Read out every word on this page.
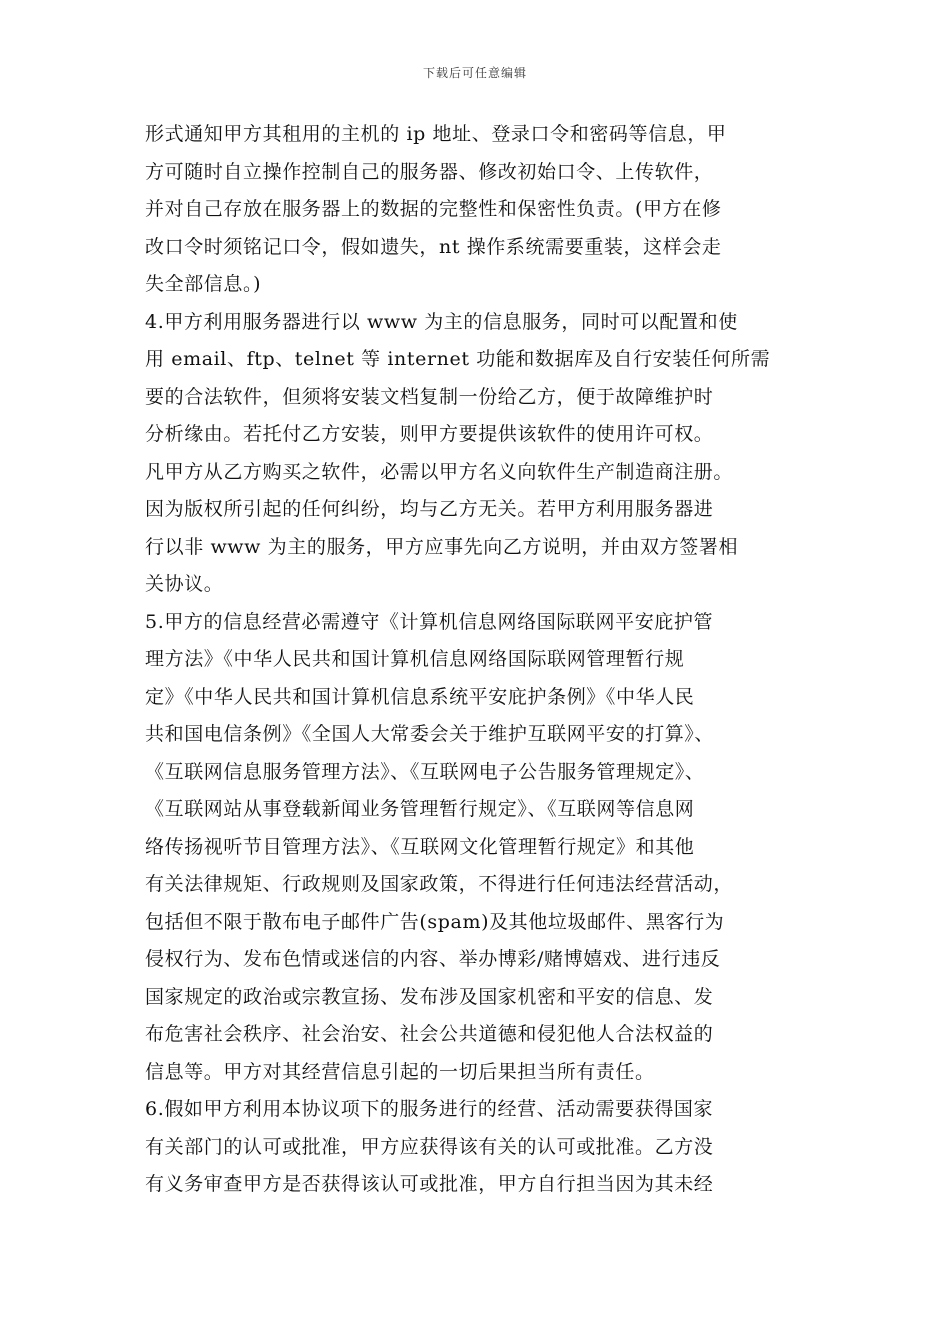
下载后可任意编辑
形式通知甲方其租用的主机的 ip 地址、登录口令和密码等信息，甲
方可随时自立操作控制自己的服务器、修改初始口令、上传软件，
并对自己存放在服务器上的数据的完整性和保密性负责。(甲方在修
改口令时须铭记口令，假如遗失，nt 操作系统需要重装，这样会走
失全部信息。)
4.甲方利用服务器进行以 www 为主的信息服务，同时可以配置和使
用 email、ftp、telnet 等 internet 功能和数据库及自行安装任何所需
要的合法软件，但须将安装文档复制一份给乙方，便于故障维护时
分析缘由。若托付乙方安装，则甲方要提供该软件的使用许可权。
凡甲方从乙方购买之软件，必需以甲方名义向软件生产制造商注册。
因为版权所引起的任何纠纷，均与乙方无关。若甲方利用服务器进
行以非 www 为主的服务，甲方应事先向乙方说明，并由双方签署相
关协议。
5.甲方的信息经营必需遵守《计算机信息网络国际联网平安庇护管
理方法》《中华人民共和国计算机信息网络国际联网管理暂行规
定》《中华人民共和国计算机信息系统平安庇护条例》《中华人民
共和国电信条例》《全国人大常委会关于维护互联网平安的打算》、
《互联网信息服务管理方法》、《互联网电子公告服务管理规定》、
《互联网站从事登载新闻业务管理暂行规定》、《互联网等信息网
络传扬视听节目管理方法》、《互联网文化管理暂行规定》和其他
有关法律规矩、行政规则及国家政策，不得进行任何违法经营活动，
包括但不限于散布电子邮件广告(spam)及其他垃圾邮件、黑客行为
侵权行为、发布色情或迷信的内容、举办博彩/赌博嬉戏、进行违反
国家规定的政治或宗教宣扬、发布涉及国家机密和平安的信息、发
布危害社会秩序、社会治安、社会公共道德和侵犯他人合法权益的
信息等。甲方对其经营信息引起的一切后果担当所有责任。
6.假如甲方利用本协议项下的服务进行的经营、活动需要获得国家
有关部门的认可或批准，甲方应获得该有关的认可或批准。乙方没
有义务审查甲方是否获得该认可或批准，甲方自行担当因为其未经
